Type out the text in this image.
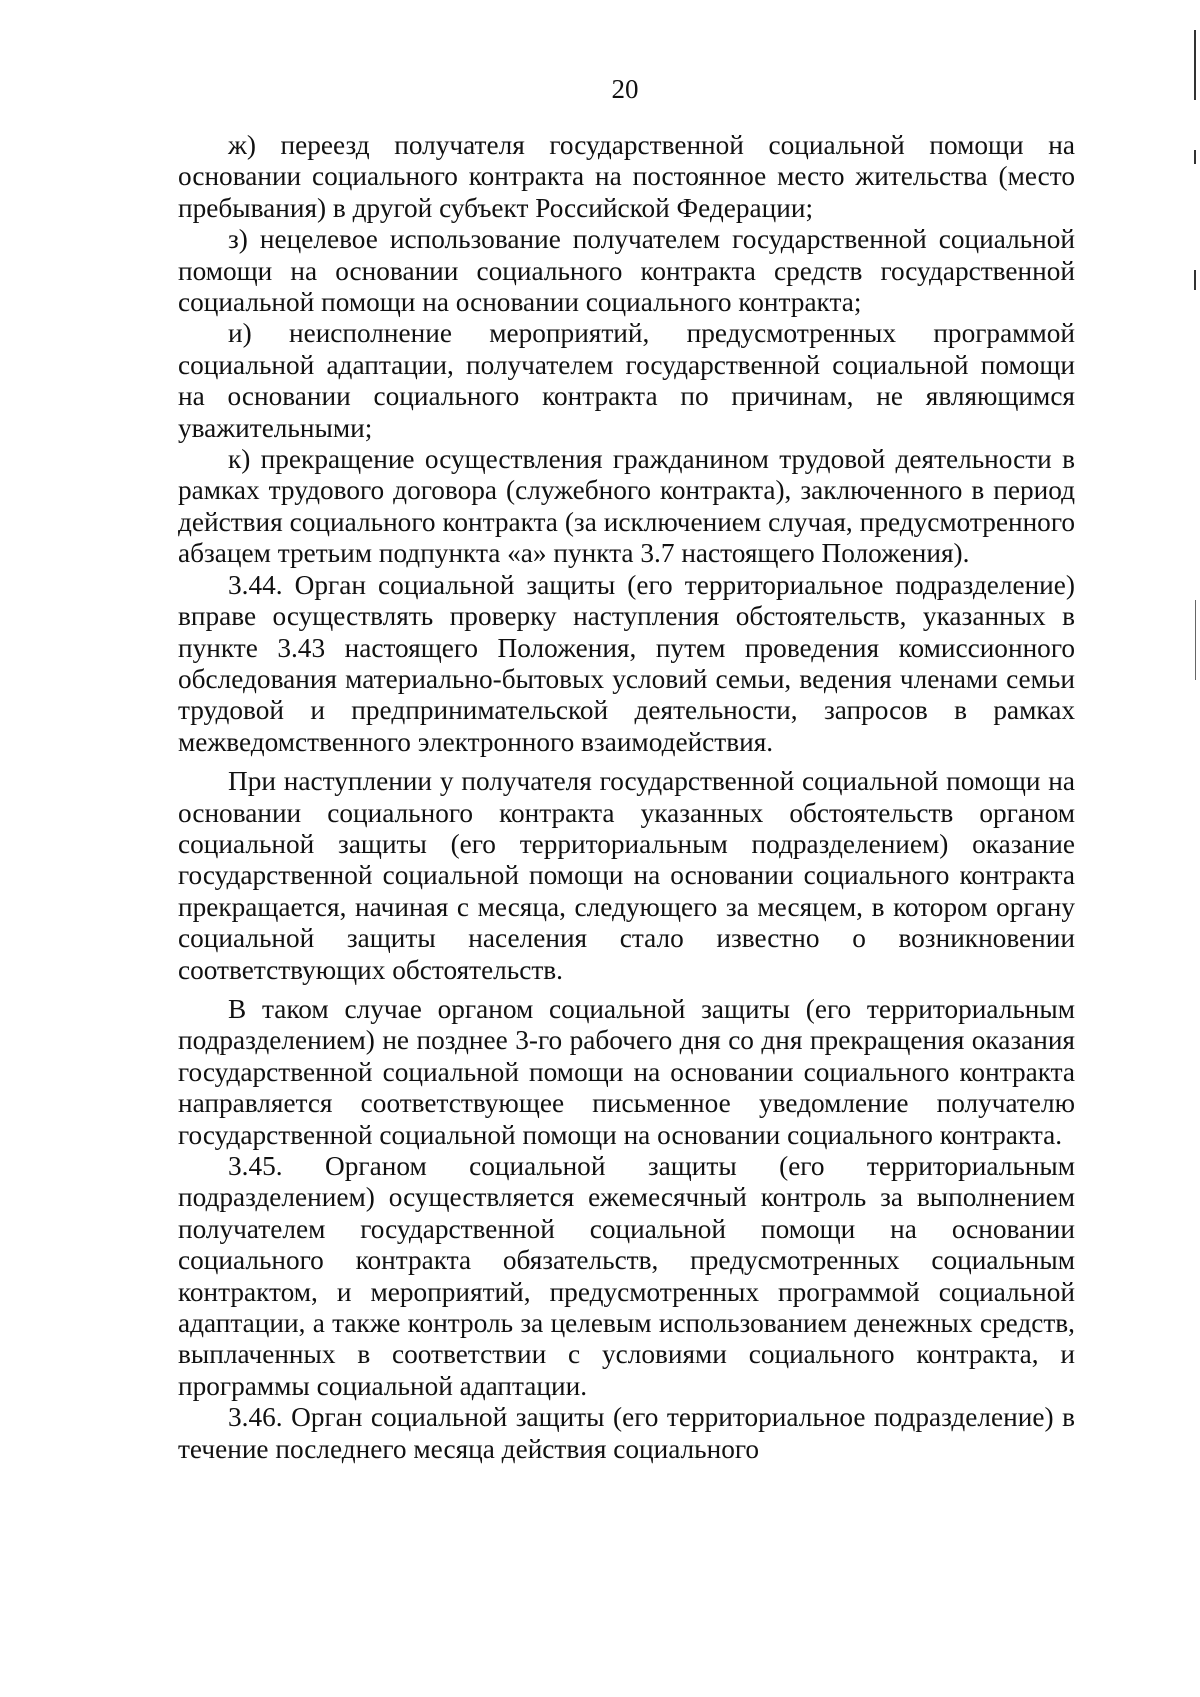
20

ж) переезд получателя государственной социальной помощи на основании социального контракта на постоянное место жительства (место пребывания) в другой субъект Российской Федерации;

з) нецелевое использование получателем государственной социальной помощи на основании социального контракта средств государственной социальной помощи на основании социального контракта;

и) неисполнение мероприятий, предусмотренных программой социальной адаптации, получателем государственной социальной помощи на основании социального контракта по причинам, не являющимся уважительными;

к) прекращение осуществления гражданином трудовой деятельности в рамках трудового договора (служебного контракта), заключенного в период действия социального контракта (за исключением случая, предусмотренного абзацем третьим подпункта «а» пункта 3.7 настоящего Положения).

3.44. Орган социальной защиты (его территориальное подразделение) вправе осуществлять проверку наступления обстоятельств, указанных в пункте 3.43 настоящего Положения, путем проведения комиссионного обследования материально-бытовых условий семьи, ведения членами семьи трудовой и предпринимательской деятельности, запросов в рамках межведомственного электронного взаимодействия.

При наступлении у получателя государственной социальной помощи на основании социального контракта указанных обстоятельств органом социальной защиты (его территориальным подразделением) оказание государственной социальной помощи на основании социального контракта прекращается, начиная с месяца, следующего за месяцем, в котором органу социальной защиты населения стало известно о возникновении соответствующих обстоятельств.

В таком случае органом социальной защиты (его территориальным подразделением) не позднее 3-го рабочего дня со дня прекращения оказания государственной социальной помощи на основании социального контракта направляется соответствующее письменное уведомление получателю государственной социальной помощи на основании социального контракта.

3.45. Органом социальной защиты (его территориальным подразделением) осуществляется ежемесячный контроль за выполнением получателем государственной социальной помощи на основании социального контракта обязательств, предусмотренных социальным контрактом, и мероприятий, предусмотренных программой социальной адаптации, а также контроль за целевым использованием денежных средств, выплаченных в соответствии с условиями социального контракта, и программы социальной адаптации.

3.46. Орган социальной защиты (его территориальное подразделение) в течение последнего месяца действия социального
